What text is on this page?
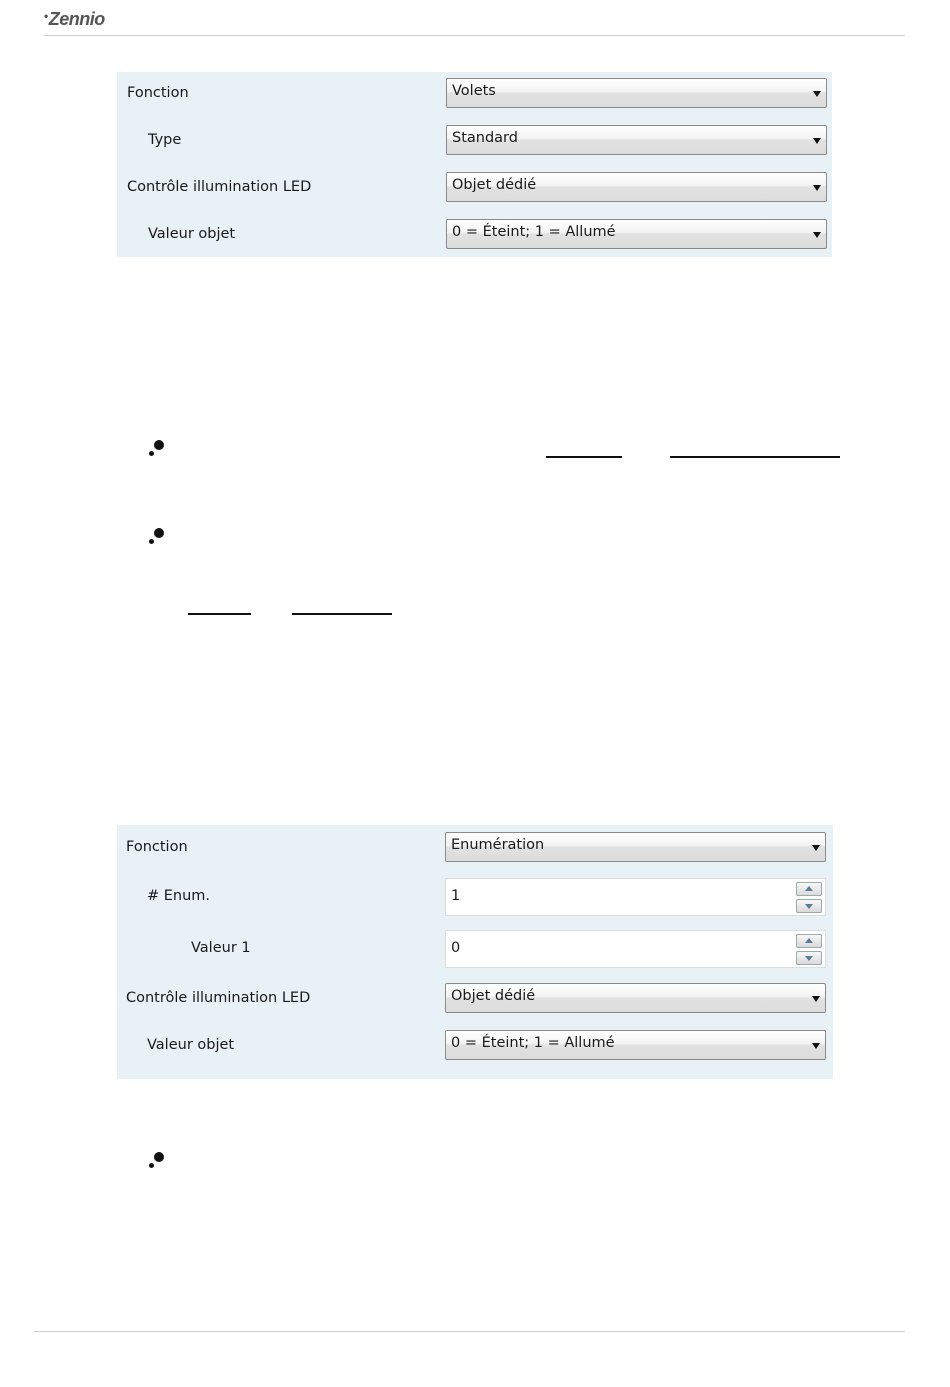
•Zennio
Fonction	Volets
Type	Standard
Contrôle illumination LED	Objet dédié
Valeur objet	0 = Éteint; 1 = Allumé
Fonction	Enumération
# Enum.	1
Valeur 1	0
Contrôle illumination LED	Objet dédié
Valeur objet	0 = Éteint; 1 = Allumé
